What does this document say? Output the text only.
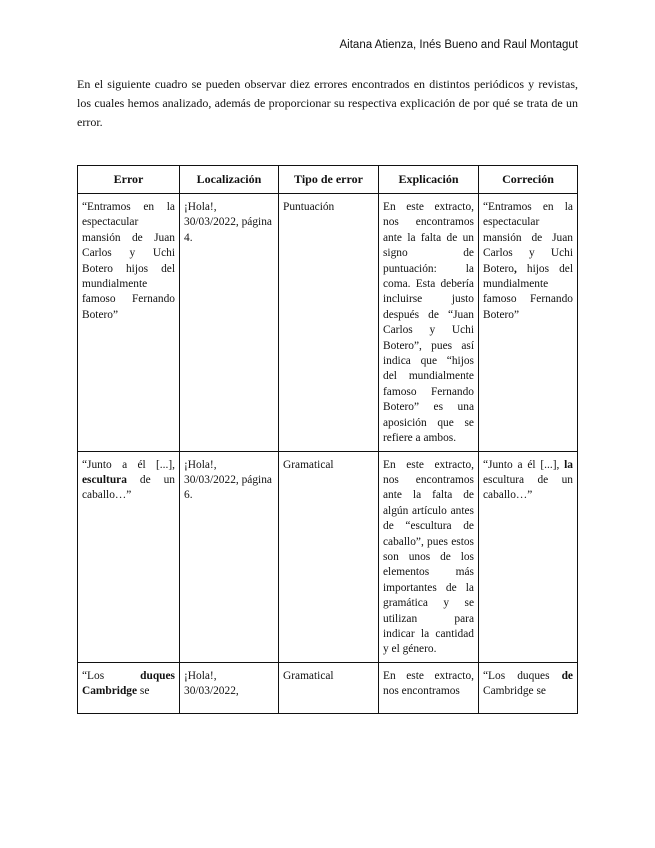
Aitana Atienza, Inés Bueno and Raul Montagut

En el siguiente cuadro se pueden observar diez errores encontrados en distintos periódicos y revistas, los cuales hemos analizado, además de proporcionar su respectiva explicación de por qué se trata de un error.

Error	Localización	Tipo de error	Explicación	Correción
“Entramos en la espectacular mansión de Juan Carlos y Uchi Botero hijos del mundialmente famoso Fernando Botero”	¡Hola!, 30/03/2022, página 4.	Puntuación	En este extracto, nos encontramos ante la falta de un signo de puntuación: la coma. Esta debería incluirse justo después de “Juan Carlos y Uchi Botero”, pues así indica que “hijos del mundialmente famoso Fernando Botero” es una aposición que se refiere a ambos.	“Entramos en la espectacular mansión de Juan Carlos y Uchi Botero, hijos del mundialmente famoso Fernando Botero”
“Junto a él [...], escultura de un caballo…”	¡Hola!, 30/03/2022, página 6.	Gramatical	En este extracto, nos encontramos ante la falta de algún artículo antes de “escultura de caballo”, pues estos son unos de los elementos más importantes de la gramática y se utilizan para indicar la cantidad y el género.	“Junto a él [...], la escultura de un caballo…”
“Los duques Cambridge se	¡Hola!, 30/03/2022,	Gramatical	En este extracto, nos encontramos	“Los duques de Cambridge se
